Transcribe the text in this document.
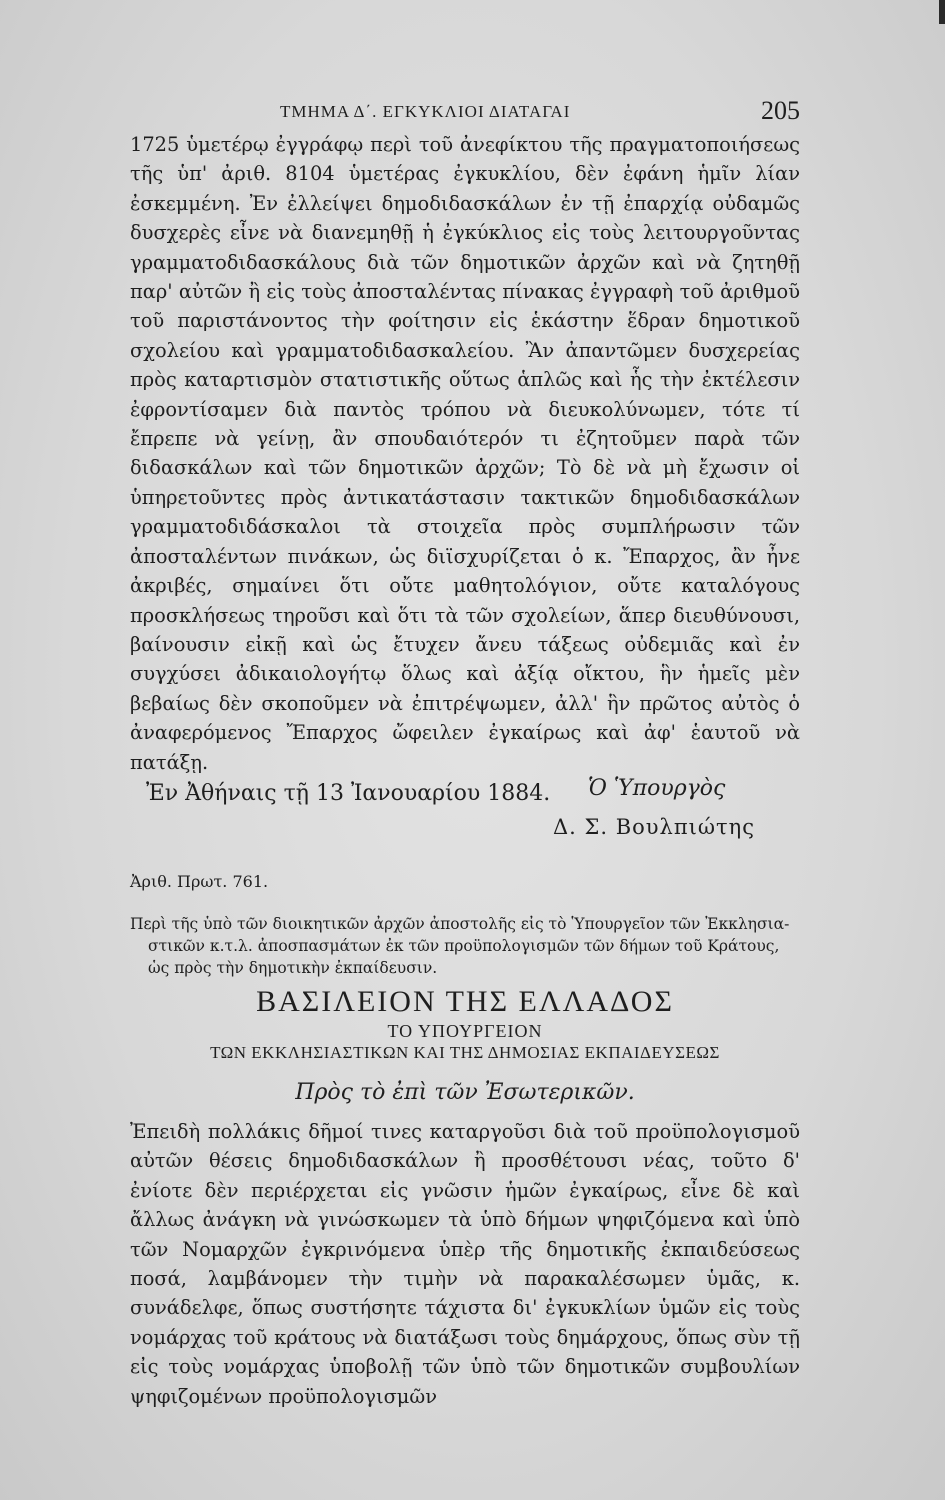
ΤΜΗΜΑ Δ΄. ΕΓΚΥΚΛΙΟΙ ΔΙΑΤΑΓΑΙ	205

1725 ὑμετέρῳ ἐγγράφῳ περὶ τοῦ ἀνεφίκτου τῆς πραγματοποιήσεως τῆς ὑπ' ἀριθ. 8104 ὑμετέρας ἐγκυκλίου, δὲν ἐφάνη ἡμῖν λίαν ἐσκεμμένη. Ἐν ἐλλείψει δημοδιδασκάλων ἐν τῇ ἐπαρχίᾳ οὐδαμῶς δυσχερὲς εἶνε νὰ διανεμηθῇ ἡ ἐγκύκλιος εἰς τοὺς λειτουργοῦντας γραμματοδιδασκάλους διὰ τῶν δημοτικῶν ἀρχῶν καὶ νὰ ζητηθῇ παρ' αὐτῶν ἢ εἰς τοὺς ἀποσταλέντας πίνακας ἐγγραφὴ τοῦ ἀριθμοῦ τοῦ παριστάνοντος τὴν φοίτησιν εἰς ἑκάστην ἕδραν δημοτικοῦ σχολείου καὶ γραμματοδιδασκαλείου. Ἂν ἀπαντῶμεν δυσχερείας πρὸς καταρτισμὸν στατιστικῆς οὕτως ἁπλῶς καὶ ἧς τὴν ἐκτέλεσιν ἐφροντίσαμεν διὰ παντὸς τρόπου νὰ διευκολύνωμεν, τότε τί ἔπρεπε νὰ γείνῃ, ἂν σπουδαιότερόν τι ἐζητοῦμεν παρὰ τῶν διδασκάλων καὶ τῶν δημοτικῶν ἀρχῶν; Τὸ δὲ νὰ μὴ ἔχωσιν οἱ ὑπηρετοῦντες πρὸς ἀντικατάστασιν τακτικῶν δημοδιδασκάλων γραμματοδιδάσκαλοι τὰ στοιχεῖα πρὸς συμπλήρωσιν τῶν ἀποσταλέντων πινάκων, ὡς διϊσχυρίζεται ὁ κ. Ἔπαρχος, ἂν ἦνε ἀκριβές, σημαίνει ὅτι οὔτε μαθητολόγιον, οὔτε καταλόγους προσκλήσεως τηροῦσι καὶ ὅτι τὰ τῶν σχολείων, ἅπερ διευθύνουσι, βαίνουσιν εἰκῇ καὶ ὡς ἔτυχεν ἄνευ τάξεως οὐδεμιᾶς καὶ ἐν συγχύσει ἀδικαιολογήτῳ ὅλως καὶ ἀξίᾳ οἴκτου, ἣν ἡμεῖς μὲν βεβαίως δὲν σκοποῦμεν νὰ ἐπιτρέψωμεν, ἀλλ' ἣν πρῶτος αὐτὸς ὁ ἀναφερόμενος Ἔπαρχος ὤφειλεν ἐγκαίρως καὶ ἀφ' ἑαυτοῦ νὰ πατάξῃ.

Ἐν Ἀθήναις τῇ 13 Ἰανουαρίου 1884.	Ὁ Ὑπουργὸς
Δ. Σ. Βουλπιώτης
Ἀριθ. Πρωτ. 761.
Περὶ τῆς ὑπὸ τῶν διοικητικῶν ἀρχῶν ἀποστολῆς εἰς τὸ Ὑπουργεῖον τῶν Ἐκκλησια-
στικῶν κ.τ.λ. ἀποσπασμάτων ἐκ τῶν προϋπολογισμῶν τῶν δήμων τοῦ Κράτους,
ὡς πρὸς τὴν δημοτικὴν ἐκπαίδευσιν.
ΒΑΣΙΛΕΙΟΝ ΤΗΣ ΕΛΛΑΔΟΣ
ΤΟ ΥΠΟΥΡΓΕΙΟΝ
ΤΩΝ ΕΚΚΛΗΣΙΑΣΤΙΚΩΝ ΚΑΙ ΤΗΣ ΔΗΜΟΣΙΑΣ ΕΚΠΑΙΔΕΥΣΕΩΣ
Πρὸς τὸ ἐπὶ τῶν Ἐσωτερικῶν.

Ἐπειδὴ πολλάκις δῆμοί τινες καταργοῦσι διὰ τοῦ προϋπολογισμοῦ αὐτῶν θέσεις δημοδιδασκάλων ἢ προσθέτουσι νέας, τοῦτο δ' ἐνίοτε δὲν περιέρχεται εἰς γνῶσιν ἡμῶν ἐγκαίρως, εἶνε δὲ καὶ ἄλλως ἀνάγκη νὰ γινώσκωμεν τὰ ὑπὸ δήμων ψηφιζόμενα καὶ ὑπὸ τῶν Νομαρχῶν ἐγκρινόμενα ὑπὲρ τῆς δημοτικῆς ἐκπαιδεύσεως ποσά, λαμβάνομεν τὴν τιμὴν νὰ παρακαλέσωμεν ὑμᾶς, κ. συνάδελφε, ὅπως συστήσητε τάχιστα δι' ἐγκυκλίων ὑμῶν εἰς τοὺς νομάρχας τοῦ κράτους νὰ διατάξωσι τοὺς δημάρχους, ὅπως σὺν τῇ εἰς τοὺς νομάρχας ὑποβολῇ τῶν ὑπὸ τῶν δημοτικῶν συμβουλίων ψηφιζομένων προϋπολογισμῶν
